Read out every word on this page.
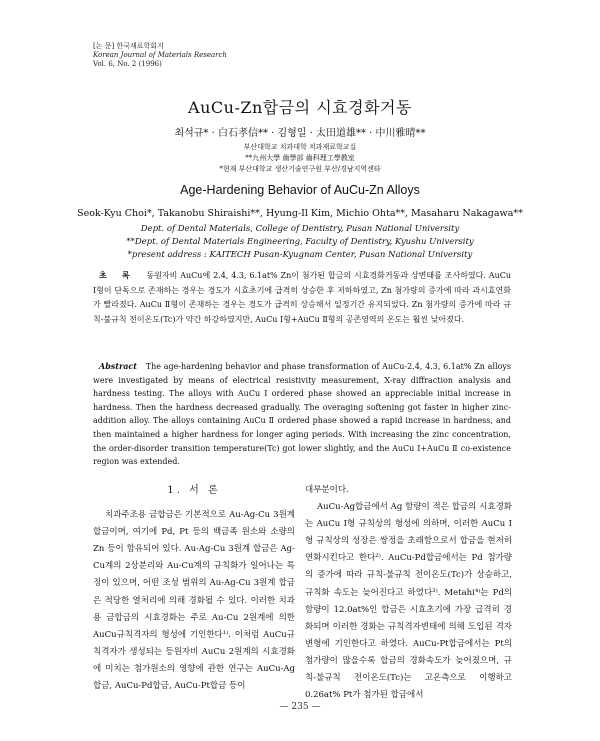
[논 문] 한국재료학회지
Korean Journal of Materials Research
Vol. 6, No. 2 (1996)
AuCu-Zn합금의 시효경화거동
최석규* · 白石孝信** · 김형일 · 太田道雄** · 中川雅晴**
부산대학교 치과대학 치과재료학교실
**九州大學 齒學部 齒科理工學教室
*현재 부산대학교 생산기술연구원 부산/경남지역센타
Age-Hardening Behavior of AuCu-Zn Alloys
Seok-Kyu Choi*, Takanobu Shiraishi**, Hyung-Il Kim, Michio Ohta**, Masaharu Nakagawa**
Dept. of Dental Materials, College of Dentistry, Pusan National University
**Dept. of Dental Materials Engineering, Faculty of Dentistry, Kyushu University
*present address : KAITECH Pusan-Kyugnam Center, Pusan National University
초 록 동원자비 AuCu에 2.4, 4.3, 6.1at% Zn이 첨가된 합금의 시효경화거동과 상변태를 조사하였다. AuCu I형이 단독으로 존재하는 경우는 경도가 시효초기에 급격히 상승한 후 저하하였고, Zn 첨가량의 증가에 따라 과시효연화가 빨라졌다. AuCu Ⅱ형이 존재하는 경우는 경도가 급격히 상승해서 일정기간 유지되었다. Zn 첨가량의 증가에 따라 규칙-불규칙 전이온도(Tc)가 약간 하강하였지만, AuCu I형+AuCu Ⅱ형의 공존영역의 온도는 훨씬 낮아졌다.
Abstract The age-hardening behavior and phase transformation of AuCu-2.4, 4.3, 6.1at% Zn alloys were investigated by means of electrical resistivity measurement, X-ray diffraction analysis and hardness testing. The alloys with AuCu I ordered phase showed an appreciable initial increase in hardness. Then the hardness decreased gradually. The overaging softening got faster in higher zinc-addition alloy. The alloys containing AuCu Ⅱ ordered phase showed a rapid increase in hardness, and then maintained a higher hardness for longer aging periods. With increasing the zinc concentration, the order-disorder transition temperature(Tc) got lower slightly, and the AuCu I+AuCu Ⅱ co-existence region was extended.
1. 서 론
치과주조용 금합금은 기본적으로 Au-Ag-Cu 3원계 합금이며, 여기에 Pd, Pt 등의 백금족 원소와 소량의 Zn 등이 함유되어 있다. Au-Ag-Cu 3원계 합금은 Ag-Cu계의 2상분리와 Au-Cu계의 규칙화가 일어나는 특징이 있으며, 어떤 조성 범위의 Au-Ag-Cu 3원계 합금은 적당한 열처리에 의해 경화될 수 있다. 이러한 치과용 금합금의 시효경화는 주로 Au-Cu 2원계에 의한 AuCu규칙격자의 형성에 기인한다¹⁾. 이처럼 AuCu규칙격자가 생성되는 등원자비 AuCu 2원계의 시효경화에 미치는 첨가원소의 영향에 관한 연구는 AuCu-Ag합금, AuCu-Pd합금, AuCu-Pt합금 등이
대부분이다.
AuCu-Ag합금에서 Ag 함량이 적은 합금의 시효경화는 AuCu I형 규칙상의 형성에 의하며, 이러한 AuCu I형 규칙상의 성장은 쌍정을 초래함으로서 합금을 현저히 연화시킨다고 한다²⁾. AuCu-Pd합금에서는 Pd 첨가량의 증가에 따라 규칙-불규칙 전이온도(Tc)가 상승하고, 규칙화 속도는 늦어진다고 하였다³⁾. Metahi⁴⁾는 Pd의 함량이 12.0at%인 합금은 시효초기에 가장 급격히 경화되며 이러한 경화는 규칙격자변태에 의해 도입된 격자변형에 기인한다고 하였다. AuCu-Pt합금에서는 Pt의 첨가량이 많을수록 합금의 경화속도가 늦어졌으며, 규칙-불규칙 전이온도(Tc)는 고온측으로 이행하고 0.26at% Pt가 첨가된 합금에서
— 235 —
